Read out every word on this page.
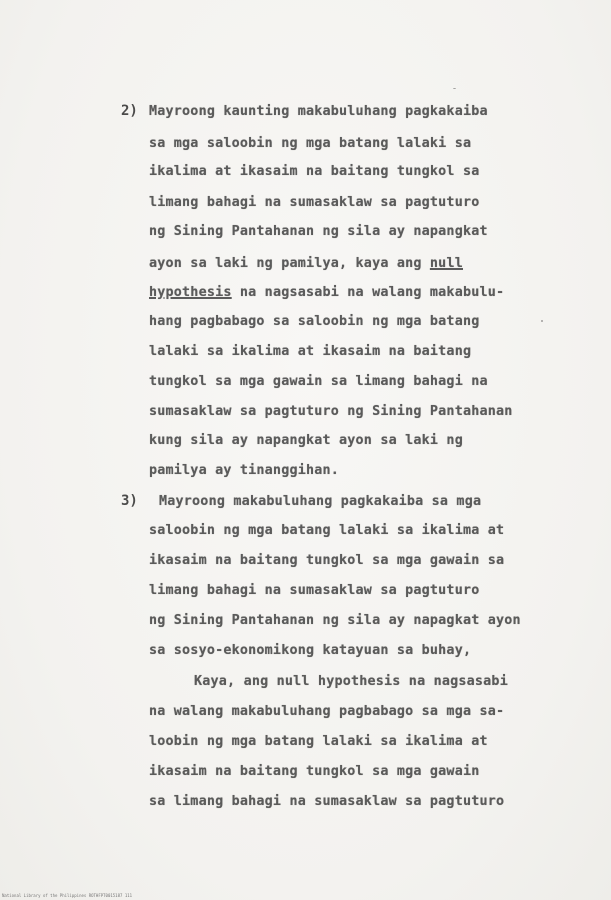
2) Mayroong kaunting makabuluhang pagkakaiba
sa mga saloobin ng mga batang lalaki sa
ikalima at ikasaim na baitang tungkol sa
limang bahagi na sumasaklaw sa pagtuturo
ng Sining Pantahanan ng sila ay napangkat
ayon sa laki ng pamilya, kaya ang null
hypothesis na nagsasabi na walang makabulu-
hang pagbabago sa saloobin ng mga batang
lalaki sa ikalima at ikasaim na baitang
tungkol sa mga gawain sa limang bahagi na
sumasaklaw sa pagtuturo ng Sining Pantahanan
kung sila ay napangkat ayon sa laki ng
pamilya ay tinanggihan.
3) Mayroong makabuluhang pagkakaiba sa mga
saloobin ng mga batang lalaki sa ikalima at
ikasaim na baitang tungkol sa mga gawain sa
limang bahagi na sumasaklaw sa pagtuturo
ng Sining Pantahanan ng sila ay napagkat ayon
sa sosyo-ekonomikong katayuan sa buhay,
Kaya, ang null hypothesis na nagsasabi
na walang makabuluhang pagbabago sa mga sa-
loobin ng mga batang lalaki sa ikalima at
ikasaim na baitang tungkol sa mga gawain
sa limang bahagi na sumasaklaw sa pagtuturo
National Library of the Philippines ROTHFPT0015187 111
